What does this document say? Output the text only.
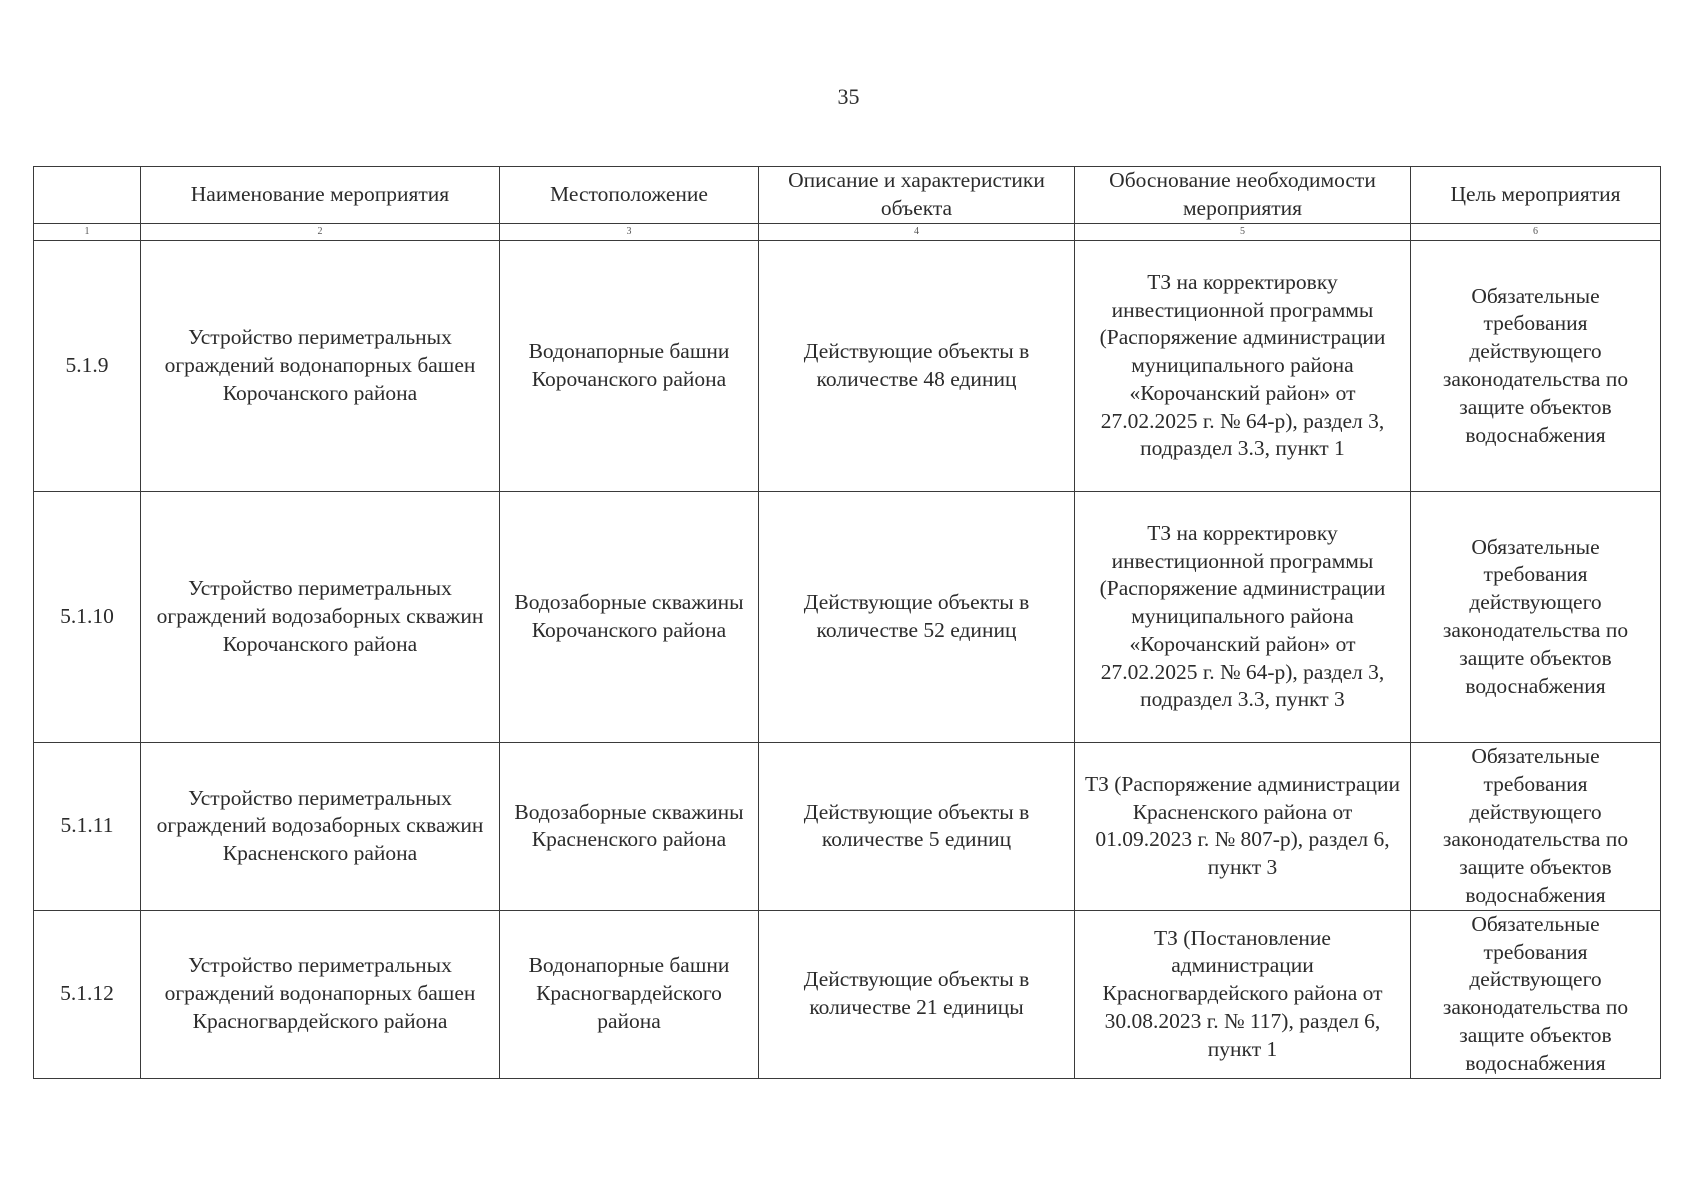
35
	Наименование мероприятия	Местоположение	Описание и характеристики объекта	Обоснование необходимости мероприятия	Цель мероприятия
1	2	3	4	5	6
5.1.9	Устройство периметральных ограждений водонапорных башен Корочанского района	Водонапорные башни Корочанского района	Действующие объекты в количестве 48 единиц	ТЗ на корректировку инвестиционной программы (Распоряжение администрации муниципального района «Корочанский район» от 27.02.2025 г. № 64-р), раздел 3, подраздел 3.3, пункт 1	Обязательные требования действующего законодательства по защите объектов водоснабжения
5.1.10	Устройство периметральных ограждений водозаборных скважин Корочанского района	Водозаборные скважины Корочанского района	Действующие объекты в количестве 52 единиц	ТЗ на корректировку инвестиционной программы (Распоряжение администрации муниципального района «Корочанский район» от 27.02.2025 г. № 64-р), раздел 3, подраздел 3.3, пункт 3	Обязательные требования действующего законодательства по защите объектов водоснабжения
5.1.11	Устройство периметральных ограждений водозаборных скважин Красненского района	Водозаборные скважины Красненского района	Действующие объекты в количестве 5 единиц	ТЗ (Распоряжение администрации Красненского района от 01.09.2023 г. № 807-р), раздел 6, пункт 3	Обязательные требования действующего законодательства по защите объектов водоснабжения
5.1.12	Устройство периметральных ограждений водонапорных башен Красногвардейского района	Водонапорные башни Красногвардейского района	Действующие объекты в количестве 21 единицы	ТЗ (Постановление администрации Красногвардейского района от 30.08.2023 г. № 117), раздел 6, пункт 1	Обязательные требования действующего законодательства по защите объектов водоснабжения
